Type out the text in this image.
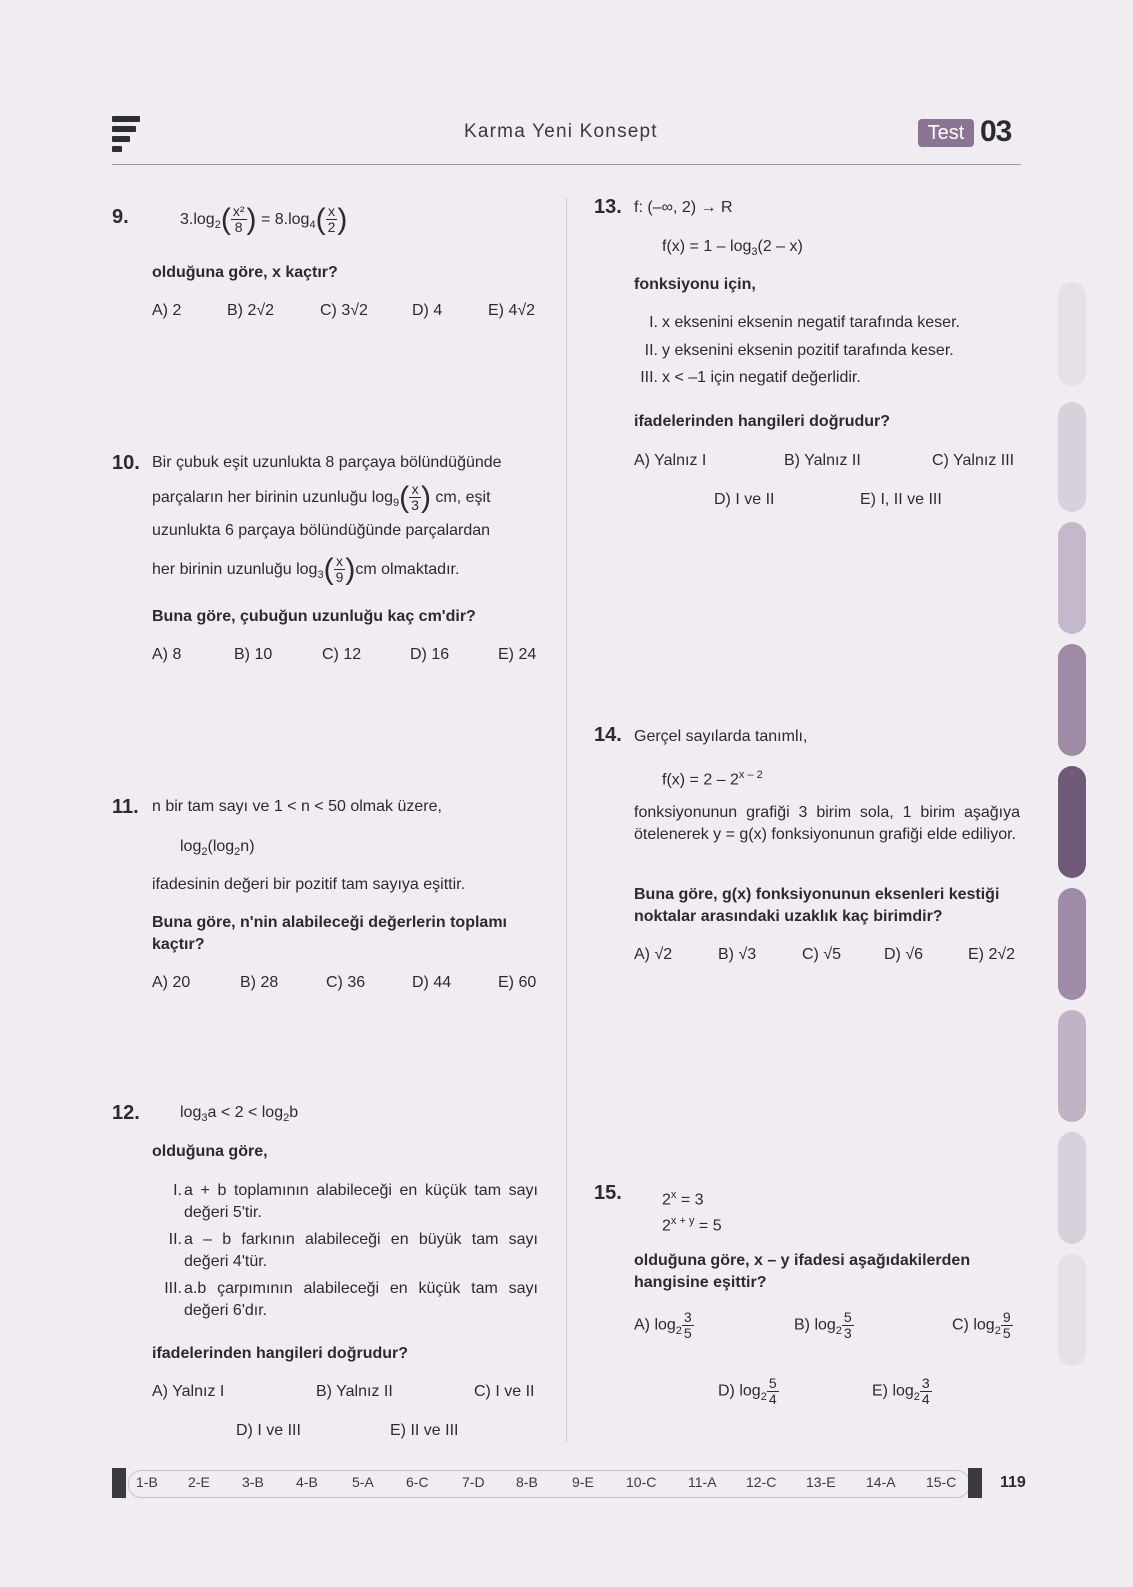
Karma Yeni Konsept	Test 03
9.	$3.\log_2( \frac{\text{x²}}{8}$ ) = $8.\log_4( \frac{x}{2}$ )
olduğuna göre, x kaçtır?
A) 2	B) 2√2	C) 3√2	D) 4	E) 4√2
10. Bir çubuk eşit uzunlukta 8 parçaya bölündüğünde
parçaların her birinin uzunluğu $\log_9( \frac{x}{3}$ ) cm, eşit
uzunlukta 6 parçaya bölündüğünde parçalardan
her birinin uzunluğu $\log_3( \frac{x}{9} )cm$ olmaktadır.
Buna göre, çubuğun uzunluğu kaç cm'dir?
A) 8	B) 10	C) 12	D) 16	E) 24
11. n bir tam sayı ve 1 < n < 50 olmak üzere,
$\log_2(\log_2n)$
ifadesinin değeri bir pozitif tam sayıya eşittir.
Buna göre, n'nin alabileceği değerlerin toplamı kaçtır?
A) 20	B) 28	C) 36	D) 44	E) 60
12.	$\log_3a < 2 < \log_2b$
olduğuna göre,
I. a + b toplamının alabileceği en küçük tam sayı değeri 5'tir.
II. a – b farkının alabileceği en büyük tam sayı değeri 4'tür.
III. a.b çarpımının alabileceği en küçük tam sayı değeri 6'dır.
ifadelerinden hangileri doğrudur?
A) Yalnız I	B) Yalnız II	C) I ve II
D) I ve III	E) II ve III
13. f: (–∞, 2) → R
$f(x) = 1 - \log_3(2 - x)$
fonksiyonu için,
I. x eksenini eksenin negatif tarafında keser.
II. y eksenini eksenin pozitif tarafında keser.
III. x < –1 için negatif değerlidir.
ifadelerinden hangileri doğrudur?
A) Yalnız I	B) Yalnız II	C) Yalnız III
D) I ve II	E) I, II ve III
14. Gerçel sayılarda tanımlı,
f(x) = 2 – 2$^{x - 2}$
fonksiyonunun grafiği 3 birim sola, 1 birim aşağıya ötelenerek y = g(x) fonksiyonunun grafiği elde ediliyor.
Buna göre, g(x) fonksiyonunun eksenleri kestiği noktalar arasındaki uzaklık kaç birimdir?
A) √2	B) √3	C) √5	D) √6	E) 2√2
15.	$2^x = 3$
$2^{x + y} = 5$
olduğuna göre, x – y ifadesi aşağıdakilerden hangisine eşittir?
A) $\log_2 \frac{3}{5}$	B) $\log_2 \frac{5}{3}$	C) $\log_2 \frac{9}{5}$
D) $\log_2 \frac{5}{4}$	E) $\log_2 \frac{3}{4}$
1-B 2-E 3-B 4-B 5-A 6-C 7-D 8-B 9-E 10-C 11-A 12-C 13-E 14-A 15-C	119
